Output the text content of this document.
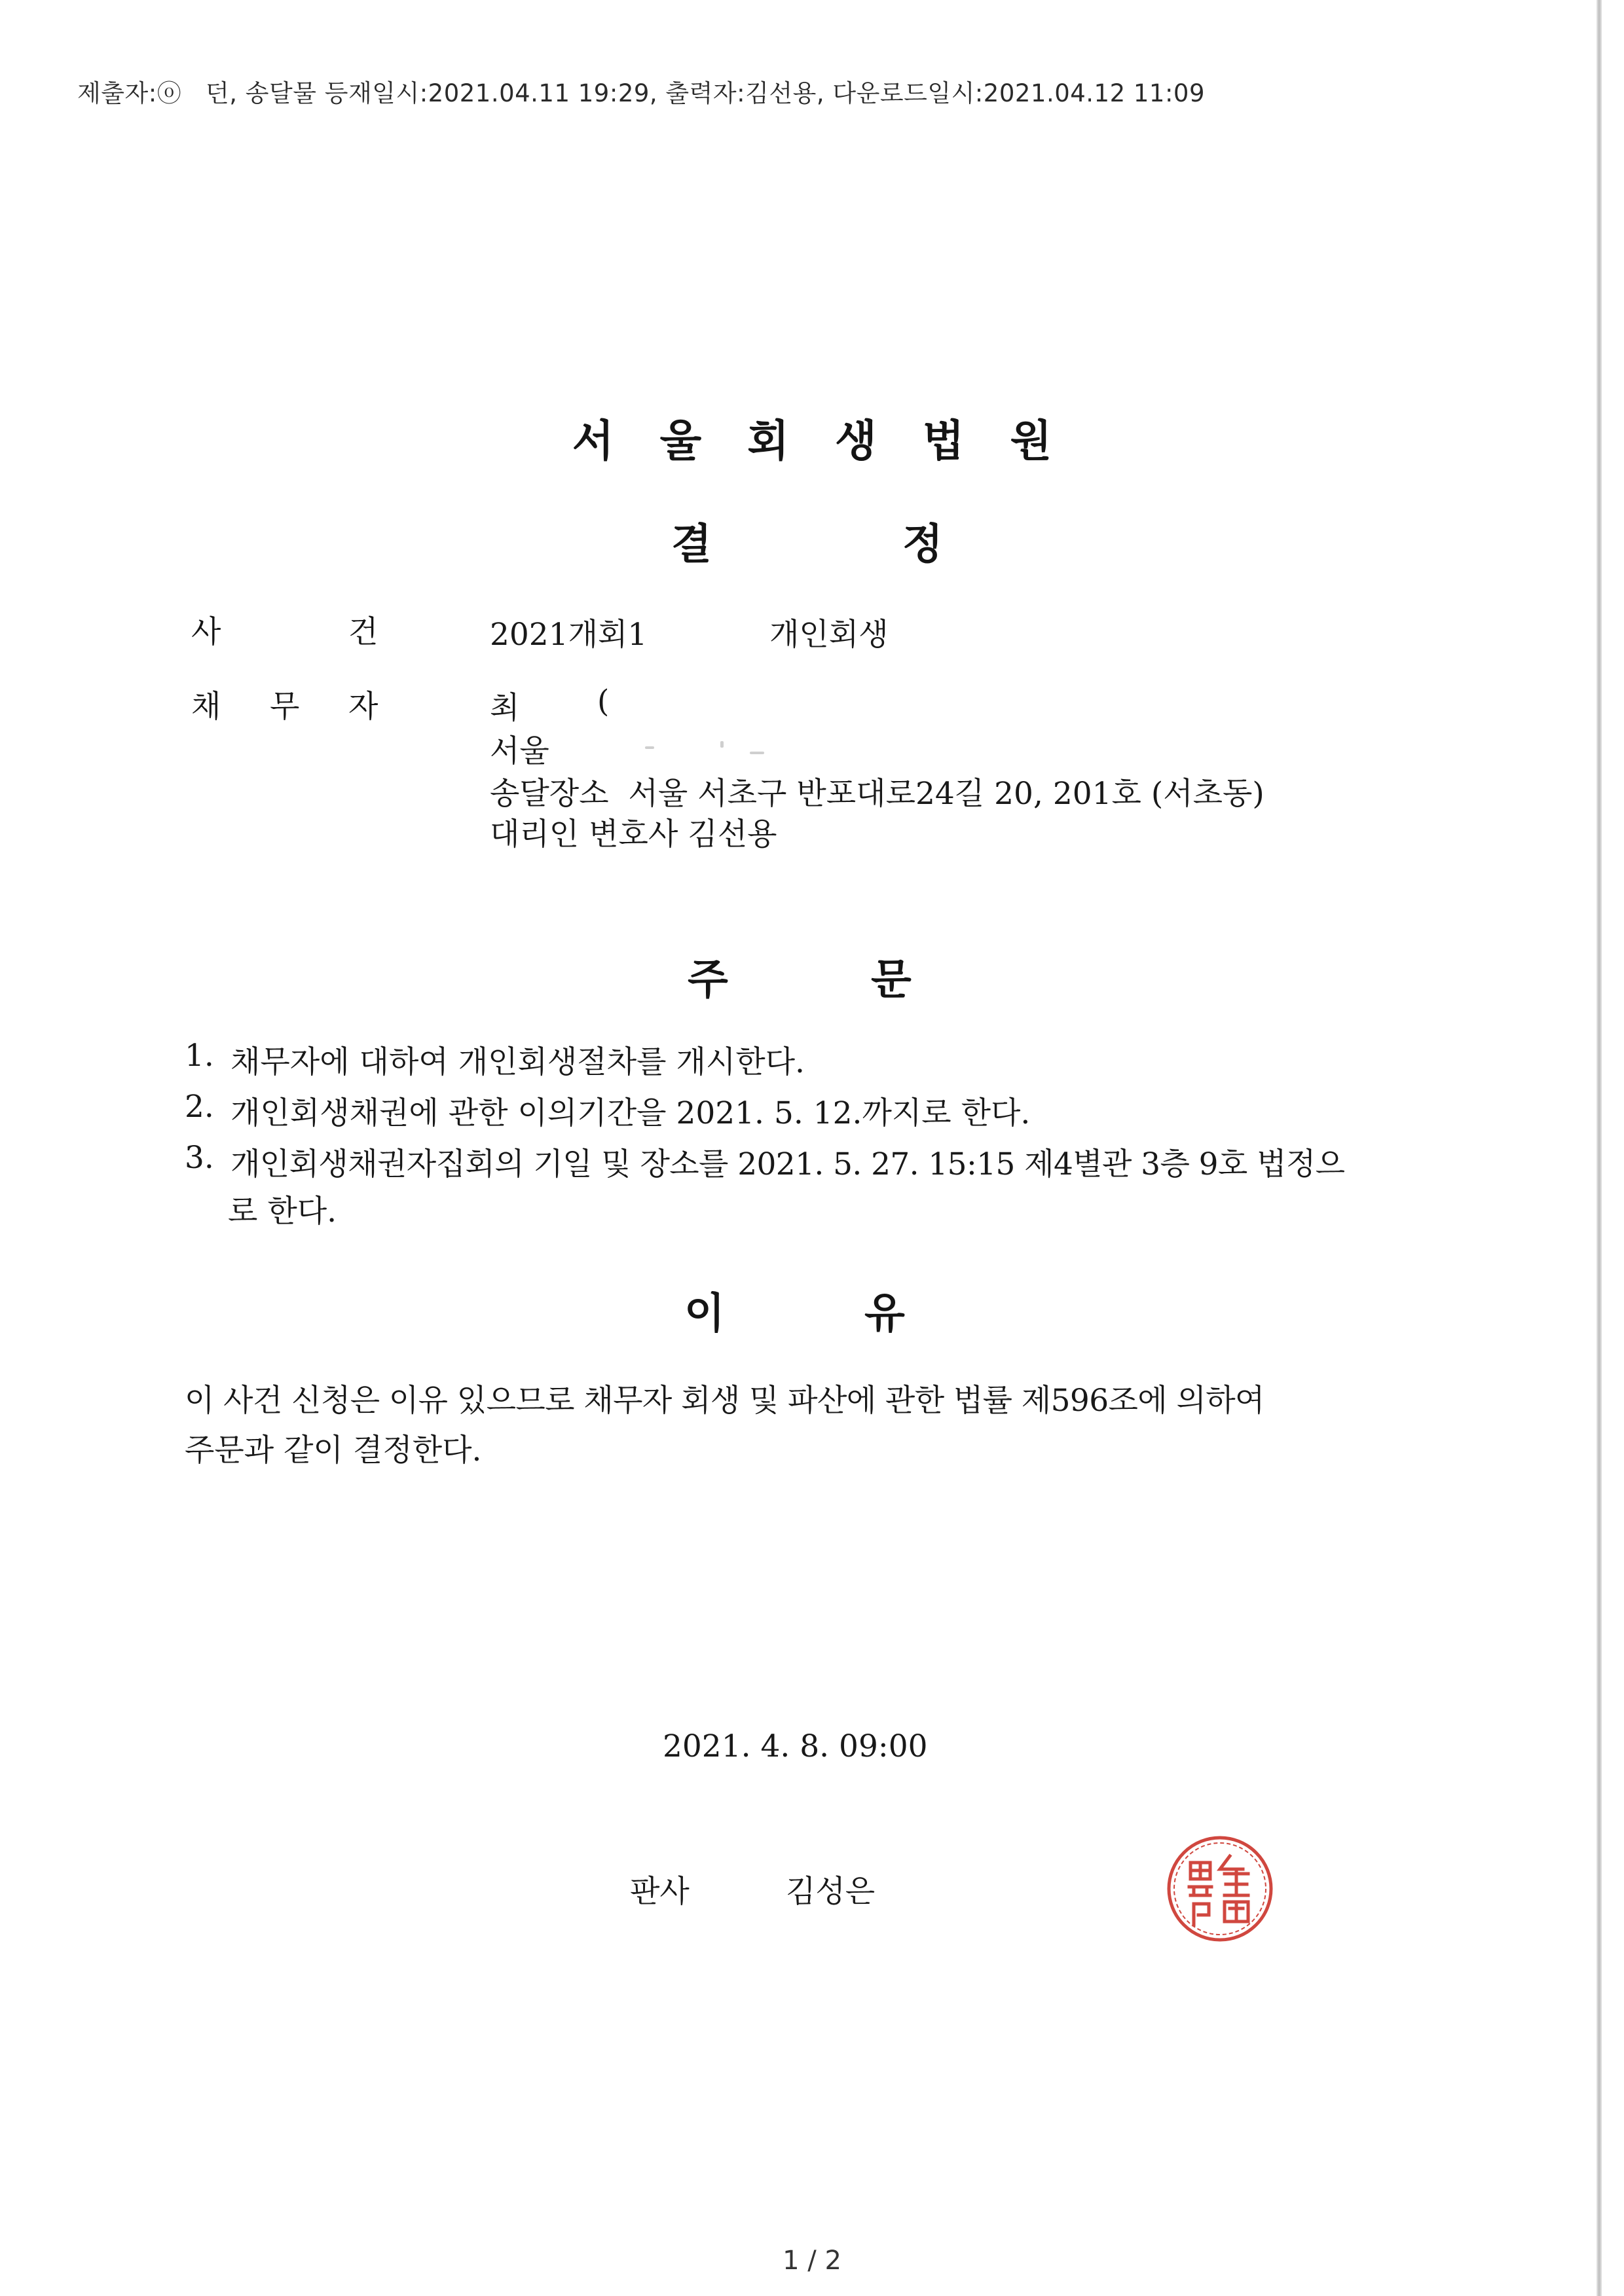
제출자:ⓞ   던, 송달물 등재일시:2021.04.11 19:29, 출력자:김선용, 다운로드일시:2021.04.12 11:09
서울회생법원
결	정
사	건	2021개회1	개인회생
채 무 자	최	(
서울
송달장소  서울 서초구 반포대로24길 20, 201호 (서초동)
대리인 변호사 김선용
주	문
1. 채무자에 대하여 개인회생절차를 개시한다.
2. 개인회생채권에 관한 이의기간을 2021. 5. 12.까지로 한다.
3. 개인회생채권자집회의 기일 및 장소를 2021. 5. 27. 15:15 제4별관 3층 9호 법정으
로 한다.
이	유
이 사건 신청은 이유 있으므로 채무자 회생 및 파산에 관한 법률 제596조에 의하여
주문과 같이 결정한다.
2021. 4. 8. 09:00
판사	김성은
1 / 2
